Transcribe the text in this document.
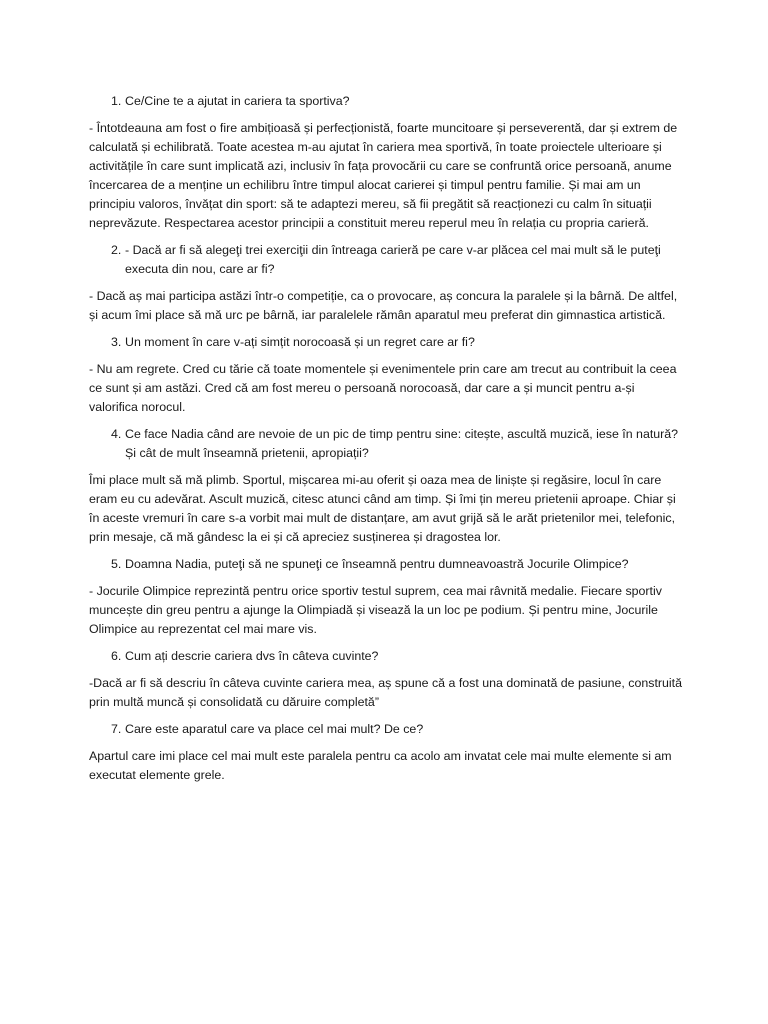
1. Ce/Cine te a ajutat in cariera ta sportiva?

- Întotdeauna am fost o fire ambițioasă și perfecționistă, foarte muncitoare și perseverentă, dar și extrem de calculată și echilibrată. Toate acestea m-au ajutat în cariera mea sportivă, în toate proiectele ulterioare și activitățile în care sunt implicată azi, inclusiv în fața provocării cu care se confruntă orice persoană, anume încercarea de a menține un echilibru între timpul alocat carierei și timpul pentru familie. Și mai am un principiu valoros, învățat din sport: să te adaptezi mereu, să fii pregătit să reacționezi cu calm în situații neprevăzute. Respectarea acestor principii a constituit mereu reperul meu în relația cu propria carieră.

2. - Dacă ar fi să alegeţi trei exerciţii din întreaga carieră pe care v-ar plăcea cel mai mult să le puteţi executa din nou, care ar fi?

- Dacă aș mai participa astăzi într-o competiție, ca o provocare, aș concura la paralele și la bârnă. De altfel, și acum îmi place să mă urc pe bârnă, iar paralelele rămân aparatul meu preferat din gimnastica artistică.

3. Un moment în care v-ați simțit norocoasă și un regret care ar fi?

- Nu am regrete. Cred cu tărie că toate momentele și evenimentele prin care am trecut au contribuit la ceea ce sunt și am astăzi. Cred că am fost mereu o persoană norocoasă, dar care a și muncit pentru a-și valorifica norocul.

4. Ce face Nadia când are nevoie de un pic de timp pentru sine: citește, ascultă muzică, iese în natură? Și cât de mult înseamnă prietenii, apropiații?

Îmi place mult să mă plimb. Sportul, mișcarea mi-au oferit și oaza mea de liniște și regăsire, locul în care eram eu cu adevărat. Ascult muzică, citesc atunci când am timp. Și îmi țin mereu prietenii aproape. Chiar și în aceste vremuri în care s-a vorbit mai mult de distanțare, am avut grijă să le arăt prietenilor mei, telefonic, prin mesaje, că mă gândesc la ei și că apreciez susținerea și dragostea lor.

5. Doamna Nadia, puteţi să ne spuneţi ce înseamnă pentru dumneavoastră Jocurile Olimpice?

- Jocurile Olimpice reprezintă pentru orice sportiv testul suprem, cea mai râvnită medalie. Fiecare sportiv muncește din greu pentru a ajunge la Olimpiadă și visează la un loc pe podium. Și pentru mine, Jocurile Olimpice au reprezentat cel mai mare vis.

6. Cum ați descrie cariera dvs în câteva cuvinte?

-Dacă ar fi să descriu în câteva cuvinte cariera mea, aș spune că a fost una dominată de pasiune, construită prin multă muncă și consolidată cu dăruire completă”

7. Care este aparatul care va place cel mai mult? De ce?

Apartul care imi place cel mai mult este paralela pentru ca acolo am invatat cele mai multe elemente si am executat elemente grele.
